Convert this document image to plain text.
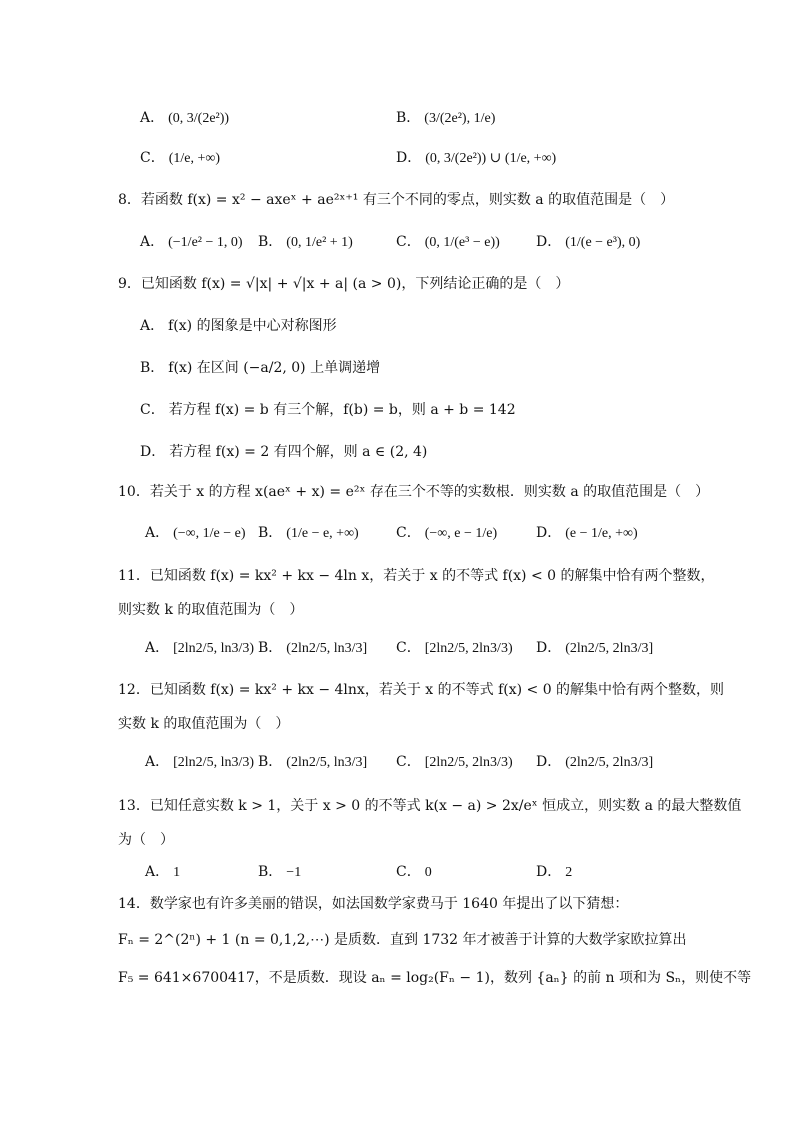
A． (0, 3/(2e²))	B． (3/(2e²), 1/e)
C． (1/e, +∞)	D． (0, 3/(2e²)) ∪ (1/e, +∞)
8．若函数 f(x) = x² − axeˣ + ae²ˣ⁺¹ 有三个不同的零点，则实数 a 的取值范围是（　）
A． (−1/e² − 1, 0) B． (0, 1/e² + 1)	C． (0, 1/(e³ − e))	D． (1/(e − e³), 0)
9．已知函数 f(x) = √|x| + √|x + a| (a > 0)，下列结论正确的是（　）
A． f(x) 的图象是中心对称图形
B． f(x) 在区间 (−a/2, 0) 上单调递增
C． 若方程 f(x) = b 有三个解，f(b) = b，则 a + b = 142
D． 若方程 f(x) = 2 有四个解，则 a ∈ (2, 4)
10．若关于 x 的方程 x(aeˣ + x) = e²ˣ 存在三个不等的实数根．则实数 a 的取值范围是（　）
A． (−∞, 1/e − e) B． (1/e − e, +∞)	C． (−∞, e − 1/e)	D． (e − 1/e, +∞)
11．已知函数 f(x) = kx² + kx − 4ln x，若关于 x 的不等式 f(x) < 0 的解集中恰有两个整数，
则实数 k 的取值范围为（　）
A． [2ln2/5, ln3/3) B． (2ln2/5, ln3/3] C． [2ln2/5, 2ln3/3) D． (2ln2/5, 2ln3/3]
12．已知函数 f(x) = kx² + kx − 4lnx，若关于 x 的不等式 f(x) < 0 的解集中恰有两个整数，则
实数 k 的取值范围为（　）
A． [2ln2/5, ln3/3) B． (2ln2/5, ln3/3] C． [2ln2/5, 2ln3/3) D． (2ln2/5, 2ln3/3]
13．已知任意实数 k > 1，关于 x > 0 的不等式 k(x − a) > 2x/eˣ 恒成立，则实数 a 的最大整数值
为（　）
A． 1	B． −1	C． 0	D． 2
14．数学家也有许多美丽的错误，如法国数学家费马于 1640 年提出了以下猜想：
Fₙ = 2^(2ⁿ) + 1 (n = 0,1,2,⋯) 是质数．直到 1732 年才被善于计算的大数学家欧拉算出
F₅ = 641×6700417，不是质数．现设 aₙ = log₂(Fₙ − 1)，数列 {aₙ} 的前 n 项和为 Sₙ，则使不等
